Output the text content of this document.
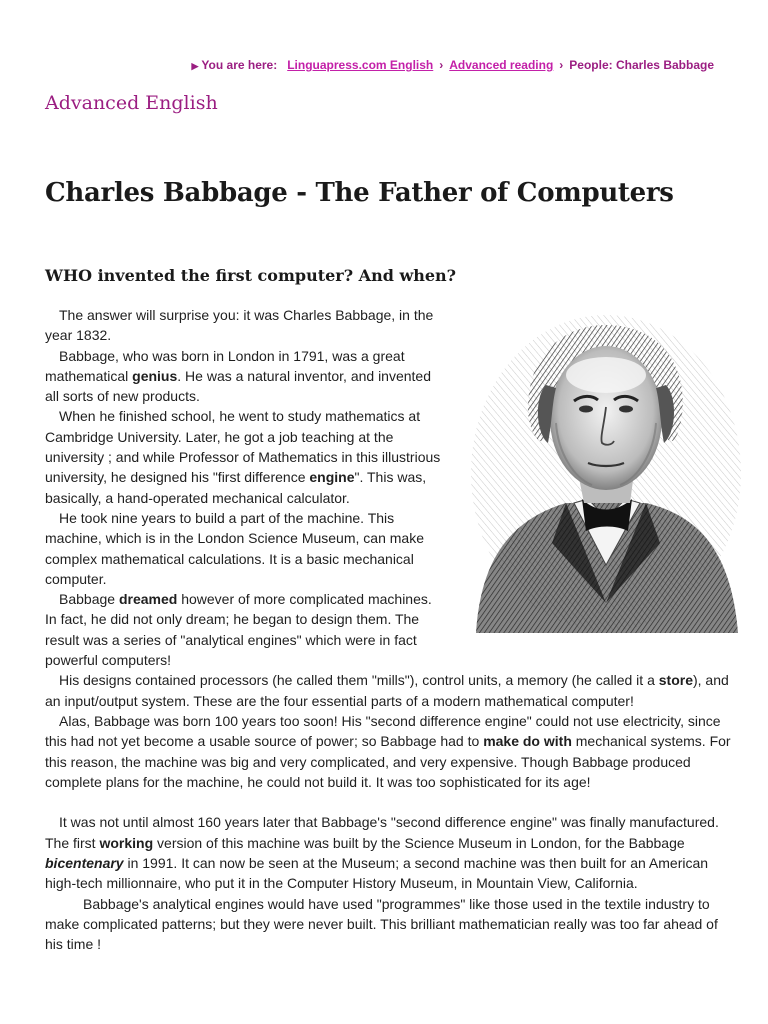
▶ You are here: Linguapress.com English › Advanced reading › People: Charles Babbage
Advanced English
Charles Babbage - The Father of Computers
WHO invented the first computer? And when?

The answer will surprise you: it was Charles Babbage, in the year 1832.

Babbage, who was born in London in 1791, was a great mathematical genius. He was a natural inventor, and invented all sorts of new products.

When he finished school, he went to study mathematics at Cambridge University. Later, he got a job teaching at the university ; and while Professor of Mathematics in this illustrious university, he designed his "first difference engine". This was, basically, a hand-operated mechanical calculator.

He took nine years to build a part of the machine. This machine, which is in the London Science Museum, can make complex mathematical calculations. It is a basic mechanical computer.

Babbage dreamed however of more complicated machines. In fact, he did not only dream; he began to design them. The result was a series of "analytical engines" which were in fact powerful computers!

His designs contained processors (he called them "mills"), control units, a memory (he called it a store), and an input/output system. These are the four essential parts of a modern mathematical computer!

Alas, Babbage was born 100 years too soon! His "second difference engine" could not use electricity, since this had not yet become a usable source of power; so Babbage had to make do with mechanical systems. For this reason, the machine was big and very complicated, and very expensive. Though Babbage produced complete plans for the machine, he could not build it. It was too sophisticated for its age!

It was not until almost 160 years later that Babbage's "second difference engine" was finally manufactured. The first working version of this machine was built by the Science Museum in London, for the Babbage bicentenary in 1991. It can now be seen at the Museum; a second machine was then built for an American high-tech millionnaire, who put it in the Computer History Museum, in Mountain View, California.

Babbage's analytical engines would have used "programmes" like those used in the textile industry to make complicated patterns; but they were never built. This brilliant mathematician really was too far ahead of his time !
